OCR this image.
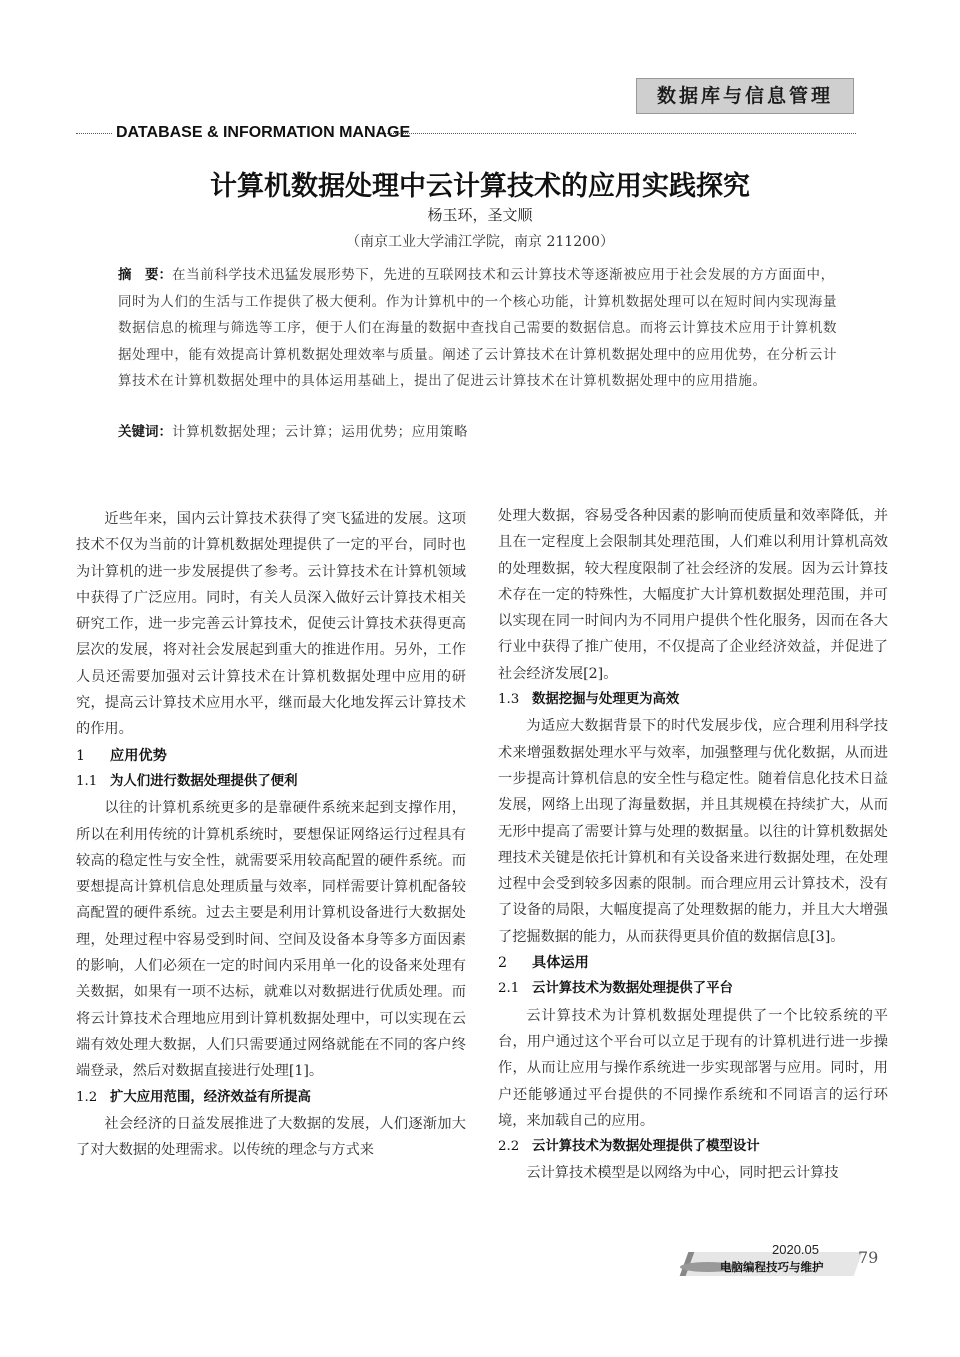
数据库与信息管理
DATABASE & INFORMATION MANAGE
计算机数据处理中云计算技术的应用实践探究
杨玉环，圣文顺
（南京工业大学浦江学院，南京 211200）
摘　要：在当前科学技术迅猛发展形势下，先进的互联网技术和云计算技术等逐渐被应用于社会发展的方方面面中，同时为人们的生活与工作提供了极大便利。作为计算机中的一个核心功能，计算机数据处理可以在短时间内实现海量数据信息的梳理与筛选等工序，便于人们在海量的数据中查找自己需要的数据信息。而将云计算技术应用于计算机数据处理中，能有效提高计算机数据处理效率与质量。阐述了云计算技术在计算机数据处理中的应用优势，在分析云计算技术在计算机数据处理中的具体运用基础上，提出了促进云计算技术在计算机数据处理中的应用措施。
关键词：计算机数据处理；云计算；运用优势；应用策略

近些年来，国内云计算技术获得了突飞猛进的发展。这项技术不仅为当前的计算机数据处理提供了一定的平台，同时也为计算机的进一步发展提供了参考。云计算技术在计算机领域中获得了广泛应用。同时，有关人员深入做好云计算技术相关研究工作，进一步完善云计算技术，促使云计算技术获得更高层次的发展，将对社会发展起到重大的推进作用。另外，工作人员还需要加强对云计算技术在计算机数据处理中应用的研究，提高云计算技术应用水平，继而最大化地发挥云计算技术的作用。

1 应用优势
1.1 为人们进行数据处理提供了便利

以往的计算机系统更多的是靠硬件系统来起到支撑作用，所以在利用传统的计算机系统时，要想保证网络运行过程具有较高的稳定性与安全性，就需要采用较高配置的硬件系统。而要想提高计算机信息处理质量与效率，同样需要计算机配备较高配置的硬件系统。过去主要是利用计算机设备进行大数据处理，处理过程中容易受到时间、空间及设备本身等多方面因素的影响，人们必须在一定的时间内采用单一化的设备来处理有关数据，如果有一项不达标，就难以对数据进行优质处理。而将云计算技术合理地应用到计算机数据处理中，可以实现在云端有效处理大数据，人们只需要通过网络就能在不同的客户终端登录，然后对数据直接进行处理[1]。

1.2 扩大应用范围，经济效益有所提高

社会经济的日益发展推进了大数据的发展，人们逐渐加大了对大数据的处理需求。以传统的理念与方式来

处理大数据，容易受各种因素的影响而使质量和效率降低，并且在一定程度上会限制其处理范围，人们难以利用计算机高效的处理数据，较大程度限制了社会经济的发展。因为云计算技术存在一定的特殊性，大幅度扩大计算机数据处理范围，并可以实现在同一时间内为不同用户提供个性化服务，因而在各大行业中获得了推广使用，不仅提高了企业经济效益，并促进了社会经济发展[2]。

1.3 数据挖掘与处理更为高效

为适应大数据背景下的时代发展步伐，应合理利用科学技术来增强数据处理水平与效率，加强整理与优化数据，从而进一步提高计算机信息的安全性与稳定性。随着信息化技术日益发展，网络上出现了海量数据，并且其规模在持续扩大，从而无形中提高了需要计算与处理的数据量。以往的计算机数据处理技术关键是依托计算机和有关设备来进行数据处理，在处理过程中会受到较多因素的限制。而合理应用云计算技术，没有了设备的局限，大幅度提高了处理数据的能力，并且大大增强了挖掘数据的能力，从而获得更具价值的数据信息[3]。

2 具体运用
2.1 云计算技术为数据处理提供了平台

云计算技术为计算机数据处理提供了一个比较系统的平台，用户通过这个平台可以立足于现有的计算机进行进一步操作，从而让应用与操作系统进一步实现部署与应用。同时，用户还能够通过平台提供的不同操作系统和不同语言的运行环境，来加载自己的应用。

2.2 云计算技术为数据处理提供了模型设计

云计算技术模型是以网络为中心，同时把云计算技

2020.05
电脑编程技巧与维护 79
